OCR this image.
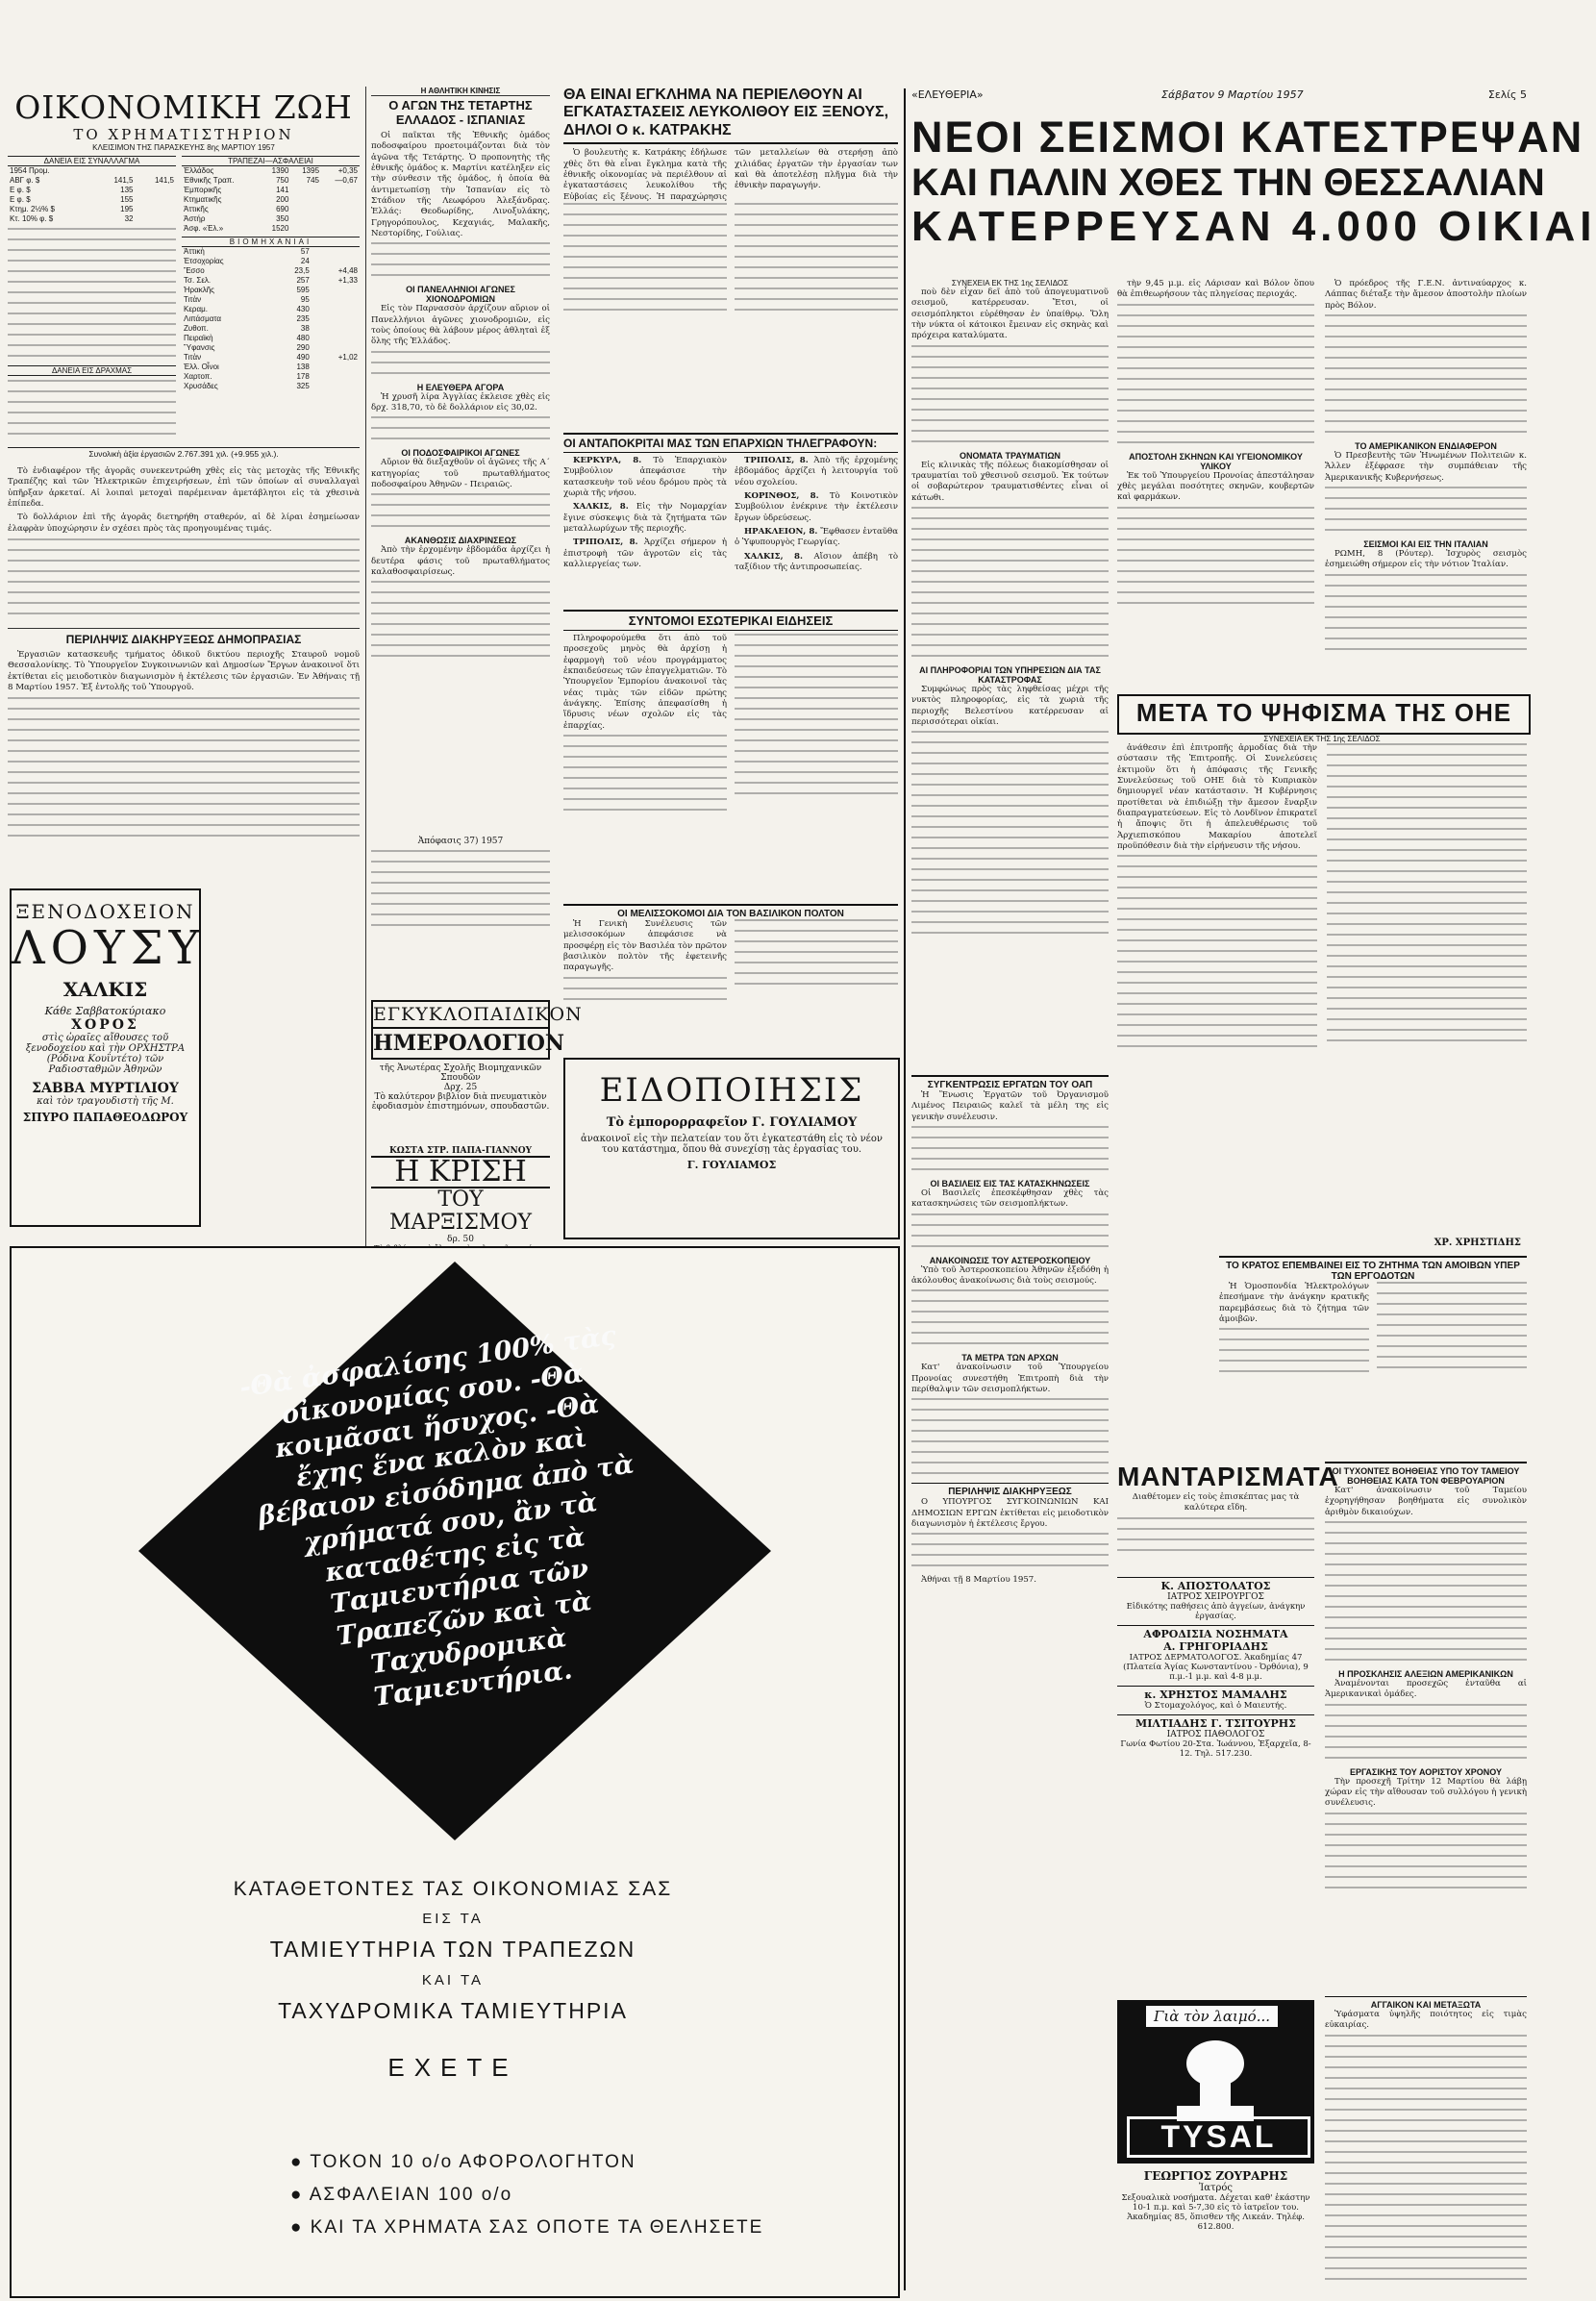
«ΕΛΕΥΘΕΡΙΑ»	Σάββατον 9 Μαρτίου 1957	Σελίς 5
ΟΙΚΟΝΟΜΙΚΗ ΖΩΗ
ΤΟ ΧΡΗΜΑΤΙΣΤΗΡΙΟΝ
ΚΛΕΙΣΙΜΟΝ ΤΗΣ ΠΑΡΑΣΚΕΥΗΣ 8ης ΜΑΡΤΙΟΥ 1957
ΔΑΝΕΙΑ ΕΙΣ ΣΥΝΑΛΛΑΓΜΑ
1954 Προμ.		
ΑΒΓ φ. $	141,5	141,5
Ε φ. $	135	
Ε φ. $	155	
Κτημ. 2½% $	195	
Κτ. 10% φ. $	32	
ΔΑΝΕΙΑ ΕΙΣ ΔΡΑΧΜΑΣ
ΤΡΑΠΕΖΑΙ—ΑΣΦΑΛΕΙΑΙ
Ἑλλάδος	1390	1395	+0,35
Ἐθνικῆς Τραπ.	750	745	—0,67
Ἐμπορικῆς	141		
Κτηματικῆς	200		
Ἀττικῆς	690		
Ἀστήρ	350		
Ἀσφ. «Ἑλ.»	1520		
ΒΙΟΜΗΧΑΝΙΑΙ
Ἀττικὴ	57	
Ἐτσοχορίας	24	
Ἔσσο	23,5	+4,48
Τσ. Σελ.	257	+1,33
Ἡρακλῆς	595	
Τιτὰν	95	
Κεραμ.	430	
Λιπάσματα	235	
Ζυθοπ.	38	
Πειραϊκὴ	480	
Ὕφανσις	290	
Τιτὰν	490	+1,02
Ἑλλ. Οἶνοι	138	
Χαρτοπ.	178	
Χρυσάδες	325	
Συνολικὴ ἀξία ἐργασιῶν 2.767.391 χιλ. (+9.955 χιλ.).

Τὸ ἐνδιαφέρον τῆς ἀγορᾶς συνεκεντρώθη χθὲς εἰς τὰς μετοχὰς τῆς Ἐθνικῆς Τραπέζης καὶ τῶν Ἡλεκτρικῶν ἐπιχειρήσεων, ἐπὶ τῶν ὁποίων αἱ συναλλαγαὶ ὑπῆρξαν ἀρκεταί. Αἱ λοιπαὶ μετοχαὶ παρέμειναν ἀμετάβλητοι εἰς τὰ χθεσινὰ ἐπίπεδα.

Τὸ δολλάριον ἐπὶ τῆς ἀγορᾶς διετηρήθη σταθερόν, αἱ δὲ λίραι ἐσημείωσαν ἐλαφρὰν ὑποχώρησιν ἐν σχέσει πρὸς τὰς προηγουμένας τιμάς.

ΠΕΡΙΛΗΨΙΣ ΔΙΑΚΗΡΥΞΕΩΣ ΔΗΜΟΠΡΑΣΙΑΣ

Ἐργασιῶν κατασκευῆς τμήματος ὁδικοῦ δικτύου περιοχῆς Σταυροῦ νομοῦ Θεσσαλονίκης. Τὸ Ὑπουργεῖον Συγκοινωνιῶν καὶ Δημοσίων Ἔργων ἀνακοινοῖ ὅτι ἐκτίθεται εἰς μειοδοτικὸν διαγωνισμὸν ἡ ἐκτέλεσις τῶν ἐργασιῶν. Ἐν Ἀθήναις τῇ 8 Μαρτίου 1957. Ἐξ ἐντολῆς τοῦ Ὑπουργοῦ.

ΞΕΝΟΔΟΧΕΙΟΝ
ΛΟΥΣΥ
ΧΑΛΚΙΣ
Κάθε Σαββατοκύριακο
ΧΟΡΟΣ
στὶς ὡραῖες αἴθουσες τοῦ ξενοδοχείου καὶ τὴν ΟΡΧΗΣΤΡΑ (Ρόδινα Κουΐντέτο) τῶν Ραδιοσταθμῶν Ἀθηνῶν
ΣΑΒΒΑ ΜΥΡΤΙΛΙΟΥ
καὶ τὸν τραγουδιστὴ τῆς Μ.
ΣΠΥΡΟ ΠΑΠΑΘΕΟΔΩΡΟΥ
Η ΑΘΛΗΤΙΚΗ ΚΙΝΗΣΙΣ
Ο ΑΓΩΝ ΤΗΣ ΤΕΤΑΡΤΗΣ ΕΛΛΑΔΟΣ - ΙΣΠΑΝΙΑΣ

Οἱ παῖκται τῆς Ἐθνικῆς ὁμάδος ποδοσφαίρου προετοιμάζονται διὰ τὸν ἀγῶνα τῆς Τετάρτης. Ὁ προπονητὴς τῆς ἐθνικῆς ὁμάδος κ. Μαρτίνι κατέληξεν εἰς τὴν σύνθεσιν τῆς ὁμάδος, ἡ ὁποία θὰ ἀντιμετωπίσῃ τὴν Ἰσπανίαν εἰς τὸ Στάδιον τῆς Λεωφόρου Ἀλεξάνδρας. Ἑλλάς: Θεοδωρίδης, Λινοξυλάκης, Γρηγορόπουλος, Κεχαγιάς, Μαλακῆς, Νεστορίδης, Γούλιας.

ΟΙ ΠΑΝΕΛΛΗΝΙΟΙ ΑΓΩΝΕΣ ΧΙΟΝΟΔΡΟΜΙΩΝ

Εἰς τὸν Παρνασσὸν ἀρχίζουν αὔριον οἱ Πανελλήνιοι ἀγῶνες χιονοδρομιῶν, εἰς τοὺς ὁποίους θὰ λάβουν μέρος ἀθληταὶ ἐξ ὅλης τῆς Ἑλλάδος.

Η ΕΛΕΥΘΕΡΑ ΑΓΟΡΑ

Ἡ χρυσῆ λίρα Ἀγγλίας ἐκλεισε χθὲς εἰς δρχ. 318,70, τὸ δὲ δολλάριον εἰς 30,02.

ΟΙ ΠΟΔΟΣΦΑΙΡΙΚΟΙ ΑΓΩΝΕΣ

Αὔριον θὰ διεξαχθοῦν οἱ ἀγῶνες τῆς Α΄ κατηγορίας τοῦ πρωταθλήματος ποδοσφαίρου Ἀθηνῶν - Πειραιῶς.

ΑΚΑΝΘΩΣΙΣ ΔΙΑΧΡΙΝΣΕΩΣ

Ἀπὸ τὴν ἐρχομένην ἑβδομάδα ἀρχίζει ἡ δευτέρα φάσις τοῦ πρωταθλήματος καλαθοσφαιρίσεως.

Ἀπόφασις 37) 1957
ΕΓΚΥΚΛΟΠΑΙΔΙΚΟΝ
ΗΜΕΡΟΛΟΓΙΟΝ
τῆς Ἀνωτέρας Σχολῆς Βιομηχανικῶν Σπουδῶν
Δρχ. 25
Τὸ καλύτερον βιβλίον διὰ πνευματικὸν ἐφοδιασμὸν ἐπιστημόνων, σπουδαστῶν.
ΚΩΣΤΑ ΣΤΡ. ΠΑΠΑ-ΓΙΑΝΝΟΥ
Η ΚΡΙΣΗ
ΤΟΥ ΜΑΡΞΙΣΜΟΥ
δρ. 50
ΘΑ ΕΙΝΑΙ ΕΓΚΛΗΜΑ ΝΑ ΠΕΡΙΕΛΘΟΥΝ ΑΙ ΕΓΚΑΤΑΣΤΑΣΕΙΣ ΛΕΥΚΟΛΙΘΟΥ ΕΙΣ ΞΕΝΟΥΣ, ΔΗΛΟΙ Ο κ. ΚΑΤΡΑΚΗΣ

Ὁ βουλευτὴς κ. Κατράκης ἐδήλωσε χθὲς ὅτι θὰ εἶναι ἔγκλημα κατὰ τῆς ἐθνικῆς οἰκονομίας νὰ περιέλθουν αἱ ἐγκαταστάσεις λευκολίθου τῆς Εὐβοίας εἰς ξένους. Ἡ παραχώρησις τῶν μεταλλείων θὰ στερήσῃ ἀπὸ χιλιάδας ἐργατῶν τὴν ἐργασίαν των καὶ θὰ ἀποτελέσῃ πλῆγμα διὰ τὴν ἐθνικὴν παραγωγήν.

ΟΙ ΑΝΤΑΠΟΚΡΙΤΑΙ ΜΑΣ ΤΩΝ ΕΠΑΡΧΙΩΝ ΤΗΛΕΓΡΑΦΟΥΝ:

ΚΕΡΚΥΡΑ, 8. Τὸ Ἐπαρχιακὸν Συμβούλιον ἀπεφάσισε τὴν κατασκευὴν τοῦ νέου δρόμου πρὸς τὰ χωριὰ τῆς νήσου.

ΧΑΛΚΙΣ, 8. Εἰς τὴν Νομαρχίαν ἔγινε σύσκεψις διὰ τὰ ζητήματα τῶν μεταλλωρύχων τῆς περιοχῆς.

ΤΡΙΠΟΛΙΣ, 8. Ἀρχίζει σήμερον ἡ ἐπιστροφὴ τῶν ἀγροτῶν εἰς τὰς καλλιεργείας των.

ΤΡΙΠΟΛΙΣ, 8. Ἀπὸ τῆς ἐρχομένης ἑβδομάδος ἀρχίζει ἡ λειτουργία τοῦ νέου σχολείου.

ΚΟΡΙΝΘΟΣ, 8. Τὸ Κοινοτικὸν Συμβούλιον ἐνέκρινε τὴν ἐκτέλεσιν ἔργων ὑδρεύσεως.

ΗΡΑΚΛΕΙΟΝ, 8. Ἔφθασεν ἐνταῦθα ὁ Ὑφυπουργὸς Γεωργίας.

ΧΑΛΚΙΣ, 8. Αἴσιον ἀπέβη τὸ ταξίδιον τῆς ἀντιπροσωπείας.

ΣΥΝΤΟΜΟΙ ΕΣΩΤΕΡΙΚΑΙ ΕΙΔΗΣΕΙΣ

Πληροφορούμεθα ὅτι ἀπὸ τοῦ προσεχοῦς μηνὸς θὰ ἀρχίσῃ ἡ ἐφαρμογὴ τοῦ νέου προγράμματος ἐκπαιδεύσεως τῶν ἐπαγγελματιῶν. Τὸ Ὑπουργεῖον Ἐμπορίου ἀνακοινοῖ τὰς νέας τιμὰς τῶν εἰδῶν πρώτης ἀνάγκης. Ἐπίσης ἀπεφασίσθη ἡ ἵδρυσις νέων σχολῶν εἰς τὰς ἐπαρχίας.

ΟΙ ΜΕΛΙΣΣΟΚΟΜΟΙ ΔΙΑ ΤΟΝ ΒΑΣΙΛΙΚΟΝ ΠΟΛΤΟΝ

Ἡ Γενικὴ Συνέλευσις τῶν μελισσοκόμων ἀπεφάσισε νὰ προσφέρῃ εἰς τὸν Βασιλέα τὸν πρῶτον βασιλικὸν πολτὸν τῆς ἐφετεινῆς παραγωγῆς.

ΕΙΔΟΠΟΙΗΣΙΣ
Τὸ ἐμπορορραφεῖον Γ. ΓΟΥΛΙΑΜΟΥ
ἀνακοινοῖ εἰς τὴν πελατείαν του ὅτι ἐγκατεστάθη εἰς τὸ νέον του κατάστημα, ὅπου θὰ συνεχίσῃ τὰς ἐργασίας του.
Γ. ΓΟΥΛΙΑΜΟΣ
ΝΕΟΙ ΣΕΙΣΜΟΙ ΚΑΤΕΣΤΡΕΨΑΝ
ΚΑΙ ΠΑΛΙΝ ΧΘΕΣ ΤΗΝ ΘΕΣΣΑΛΙΑΝ
ΚΑΤΕΡΡΕΥΣΑΝ 4.000 ΟΙΚΙΑΙ
ΣΥΝΕΧΕΙΑ ΕΚ ΤΗΣ 1ης ΣΕΛΙΔΟΣ

ποὺ δὲν εἶχαν δεῖ ἀπὸ τοῦ ἀπογευματινοῦ σεισμοῦ, κατέρρευσαν. Ἔτσι, οἱ σεισμόπληκτοι εὑρέθησαν ἐν ὑπαίθρῳ. Ὅλη τὴν νύκτα οἱ κάτοικοι ἔμειναν εἰς σκηνὰς καὶ πρόχειρα καταλύματα.

ΟΝΟΜΑΤΑ ΤΡΑΥΜΑΤΙΩΝ

Εἰς κλινικὰς τῆς πόλεως διακομίσθησαν οἱ τραυματίαι τοῦ χθεσινοῦ σεισμοῦ. Ἐκ τούτων οἱ σοβαρώτερον τραυματισθέντες εἶναι οἱ κάτωθι.

ΑΙ ΠΛΗΡΟΦΟΡΙΑΙ ΤΩΝ ΥΠΗΡΕΣΙΩΝ ΔΙΑ ΤΑΣ ΚΑΤΑΣΤΡΟΦΑΣ

Συμφώνως πρὸς τὰς ληφθείσας μέχρι τῆς νυκτὸς πληροφορίας, εἰς τὰ χωριὰ τῆς περιοχῆς Βελεστίνου κατέρρευσαν αἱ περισσότεραι οἰκίαι.

τὴν 9,45 μ.μ. εἰς Λάρισαν καὶ Βόλον ὅπου θὰ ἐπιθεωρήσουν τὰς πληγείσας περιοχάς.

ΑΠΟΣΤΟΛΗ ΣΚΗΝΩΝ ΚΑΙ ΥΓΕΙΟΝΟΜΙΚΟΥ ΥΛΙΚΟΥ

Ἐκ τοῦ Ὑπουργείου Προνοίας ἀπεστάλησαν χθὲς μεγάλαι ποσότητες σκηνῶν, κουβερτῶν καὶ φαρμάκων.

Ὁ πρόεδρος τῆς Γ.Ε.Ν. ἀντιναύαρχος κ. Λάππας διέταξε τὴν ἄμεσον ἀποστολὴν πλοίων πρὸς Βόλον.

ΤΟ ΑΜΕΡΙΚΑΝΙΚΟΝ ΕΝΔΙΑΦΕΡΟΝ

Ὁ Πρεσβευτὴς τῶν Ἡνωμένων Πολιτειῶν κ. Ἄλλεν ἐξέφρασε τὴν συμπάθειαν τῆς Ἀμερικανικῆς Κυβερνήσεως.

ΣΕΙΣΜΟΙ ΚΑΙ ΕΙΣ ΤΗΝ ΙΤΑΛΙΑΝ

ΡΩΜΗ, 8 (Ρόυτερ). Ἰσχυρὸς σεισμὸς ἐσημειώθη σήμερον εἰς τὴν νότιον Ἰταλίαν.

ΜΕΤΑ ΤΟ ΨΗΦΙΣΜΑ ΤΗΣ ΟΗΕ
ΣΥΝΕΧΕΙΑ ΕΚ ΤΗΣ 1ης ΣΕΛΙΔΟΣ

ἀνάθεσιν ἐπὶ ἐπιτροπῆς ἀρμοδίας διὰ τὴν σύστασιν τῆς Ἐπιτροπῆς. Οἱ Συνελεύσεις ἐκτιμοῦν ὅτι ἡ ἀπόφασις τῆς Γενικῆς Συνελεύσεως τοῦ ΟΗΕ διὰ τὸ Κυπριακὸν δημιουργεῖ νέαν κατάστασιν. Ἡ Κυβέρνησις προτίθεται νὰ ἐπιδιώξῃ τὴν ἄμεσον ἔναρξιν διαπραγματεύσεων. Εἰς τὸ Λονδῖνον ἐπικρατεῖ ἡ ἄποψις ὅτι ἡ ἀπελευθέρωσις τοῦ Ἀρχιεπισκόπου Μακαρίου ἀποτελεῖ προϋπόθεσιν διὰ τὴν εἰρήνευσιν τῆς νήσου.

ΧΡ. ΧΡΗΣΤΙΔΗΣ
ΣΥΓΚΕΝΤΡΩΣΙΣ ΕΡΓΑΤΩΝ ΤΟΥ ΟΑΠ

Ἡ Ἕνωσις Ἐργατῶν τοῦ Ὀργανισμοῦ Λιμένος Πειραιῶς καλεῖ τὰ μέλη της εἰς γενικὴν συνέλευσιν.

ΟΙ ΒΑΣΙΛΕΙΣ ΕΙΣ ΤΑΣ ΚΑΤΑΣΚΗΝΩΣΕΙΣ

Οἱ Βασιλεῖς ἐπεσκέφθησαν χθὲς τὰς κατασκηνώσεις τῶν σεισμοπλήκτων.

ΑΝΑΚΟΙΝΩΣΙΣ ΤΟΥ ΑΣΤΕΡΟΣΚΟΠΕΙΟΥ

Ὑπὸ τοῦ Ἀστεροσκοπείου Ἀθηνῶν ἐξεδόθη ἡ ἀκόλουθος ἀνακοίνωσις διὰ τοὺς σεισμούς.

ΤΑ ΜΕΤΡΑ ΤΩΝ ΑΡΧΩΝ

Κατ' ἀνακοίνωσιν τοῦ Ὑπουργείου Προνοίας συνεστήθη Ἐπιτροπὴ διὰ τὴν περίθαλψιν τῶν σεισμοπλήκτων.

ΠΕΡΙΛΗΨΙΣ ΔΙΑΚΗΡΥΞΕΩΣ

Ο ΥΠΟΥΡΓΟΣ ΣΥΓΚΟΙΝΩΝΙΩΝ ΚΑΙ ΔΗΜΟΣΙΩΝ ΕΡΓΩΝ ἐκτίθεται εἰς μειοδοτικὸν διαγωνισμὸν ἡ ἐκτέλεσις ἔργου.

Ἀθήναι τῇ 8 Μαρτίου 1957.

ΤΟ ΚΡΑΤΟΣ ΕΠΕΜΒΑΙΝΕΙ ΕΙΣ ΤΟ ΖΗΤΗΜΑ ΤΩΝ ΑΜΟΙΒΩΝ ΥΠΕΡ ΤΩΝ ΕΡΓΟΔΟΤΩΝ

Ἡ Ὁμοσπονδία Ἡλεκτρολόγων ἐπεσήμανε τὴν ἀνάγκην κρατικῆς παρεμβάσεως διὰ τὸ ζήτημα τῶν ἀμοιβῶν.

ΜΑΝΤΑΡΙΣΜΑΤΑ

Διαθέτομεν εἰς τοὺς ἐπισκέπτας μας τὰ καλύτερα εἴδη.

Κ. ΑΠΟΣΤΟΛΑΤΟΣ
ΙΑΤΡΟΣ ΧΕΙΡΟΥΡΓΟΣ
Εἰδικότης παθήσεις ἀπὸ ἀγγείων, ἀνάγκην ἐργασίας.
ΑΦΡΟΔΙΣΙΑ ΝΟΣΗΜΑΤΑ
Α. ΓΡΗΓΟΡΙΑΔΗΣ
ΙΑΤΡΟΣ ΔΕΡΜΑΤΟΛΟΓΟΣ. Ἀκαδημίας 47 (Πλατεία Ἁγίας Κωνσταντίνου - Ὀρθόνια), 9 π.μ.-1 μ.μ. καὶ 4-8 μ.μ.
κ. ΧΡΗΣΤΟΣ ΜΑΜΑΛΗΣ
Ὁ Στομαχολόγος, καὶ ὁ Μαιευτής.
ΜΙΛΤΙΑΔΗΣ Γ. ΤΣΙΤΟΥΡΗΣ
ΙΑΤΡΟΣ ΠΑΘΟΛΟΓΟΣ
Γωνία Φωτίου 20-Στα. Ἰωάννου, Ἐξαρχεῖα, 8-12. Τηλ. 517.230.
ΟΙ ΤΥΧΟΝΤΕΣ ΒΟΗΘΕΙΑΣ ΥΠΟ ΤΟΥ ΤΑΜΕΙΟΥ ΒΟΗΘΕΙΑΣ ΚΑΤΑ ΤΟΝ ΦΕΒΡΟΥΑΡΙΟΝ

Κατ' ἀνακοίνωσιν τοῦ Ταμείου ἐχορηγήθησαν βοηθήματα εἰς συνολικὸν ἀριθμὸν δικαιούχων.

Η ΠΡΟΣΚΛΗΣΙΣ ΑΛΕΞΙΩΝ ΑΜΕΡΙΚΑΝΙΚΩΝ

Ἀναμένονται προσεχῶς ἐνταῦθα αἱ Ἀμερικανικαὶ ὁμάδες.

ΕΡΓΑΣΙΚΗΣ ΤΟΥ ΑΟΡΙΣΤΟΥ ΧΡΟΝΟΥ

Τὴν προσεχῆ Τρίτην 12 Μαρτίου θὰ λάβῃ χώραν εἰς τὴν αἴθουσαν τοῦ συλλόγου ἡ γενικὴ συνέλευσις.

Γιὰ τὸν λαιμό...
TYSAL
ΓΕΩΡΓΙΟΣ ΖΟΥΡΑΡΗΣ
Ἰατρός
Σεξουαλικὰ νοσήματα. Δέχεται καθ' ἑκάστην 10-1 π.μ. καὶ 5-7,30 εἰς τὸ ἰατρεῖον του. Ἀκαδημίας 85, ὅπισθεν τῆς Λικεάν. Τηλέφ. 612.800.
ΑΓΓΑΙΚΟΝ ΚΑΙ ΜΕΤΑΞΩΤΑ

Ὑφάσματα ὑψηλῆς ποιότητος εἰς τιμὰς εὐκαιρίας.

-Θὰ ἀσφαλίσης 100% τὰς οἰκονομίας σου. -Θὰ κοιμᾶσαι ἥσυχος. -Θὰ ἔχης ἕνα καλὸν καὶ βέβαιον εἰσόδημα ἀπὸ τὰ χρήματά σου, ἂν τὰ καταθέτης εἰς τὰ Ταμιευτήρια τῶν Τραπεζῶν καὶ τὰ Ταχυδρομικὰ Ταμιευτήρια.
ΚΑΤΑΘΕΤΟΝΤΕΣ ΤΑΣ ΟΙΚΟΝΟΜΙΑΣ ΣΑΣ
ΕΙΣ ΤΑ
ΤΑΜΙΕΥΤΗΡΙΑ ΤΩΝ ΤΡΑΠΕΖΩΝ
ΚΑΙ ΤΑ
ΤΑΧΥΔΡΟΜΙΚΑ ΤΑΜΙΕΥΤΗΡΙΑ
ΕΧΕΤΕ
● ΤΟΚΟΝ 10 ο/ο ΑΦΟΡΟΛΟΓΗΤΟΝ
● ΑΣΦΑΛΕΙΑΝ 100 ο/ο
● ΚΑΙ ΤΑ ΧΡΗΜΑΤΑ ΣΑΣ ΟΠΟΤΕ ΤΑ ΘΕΛΗΣΕΤΕ
